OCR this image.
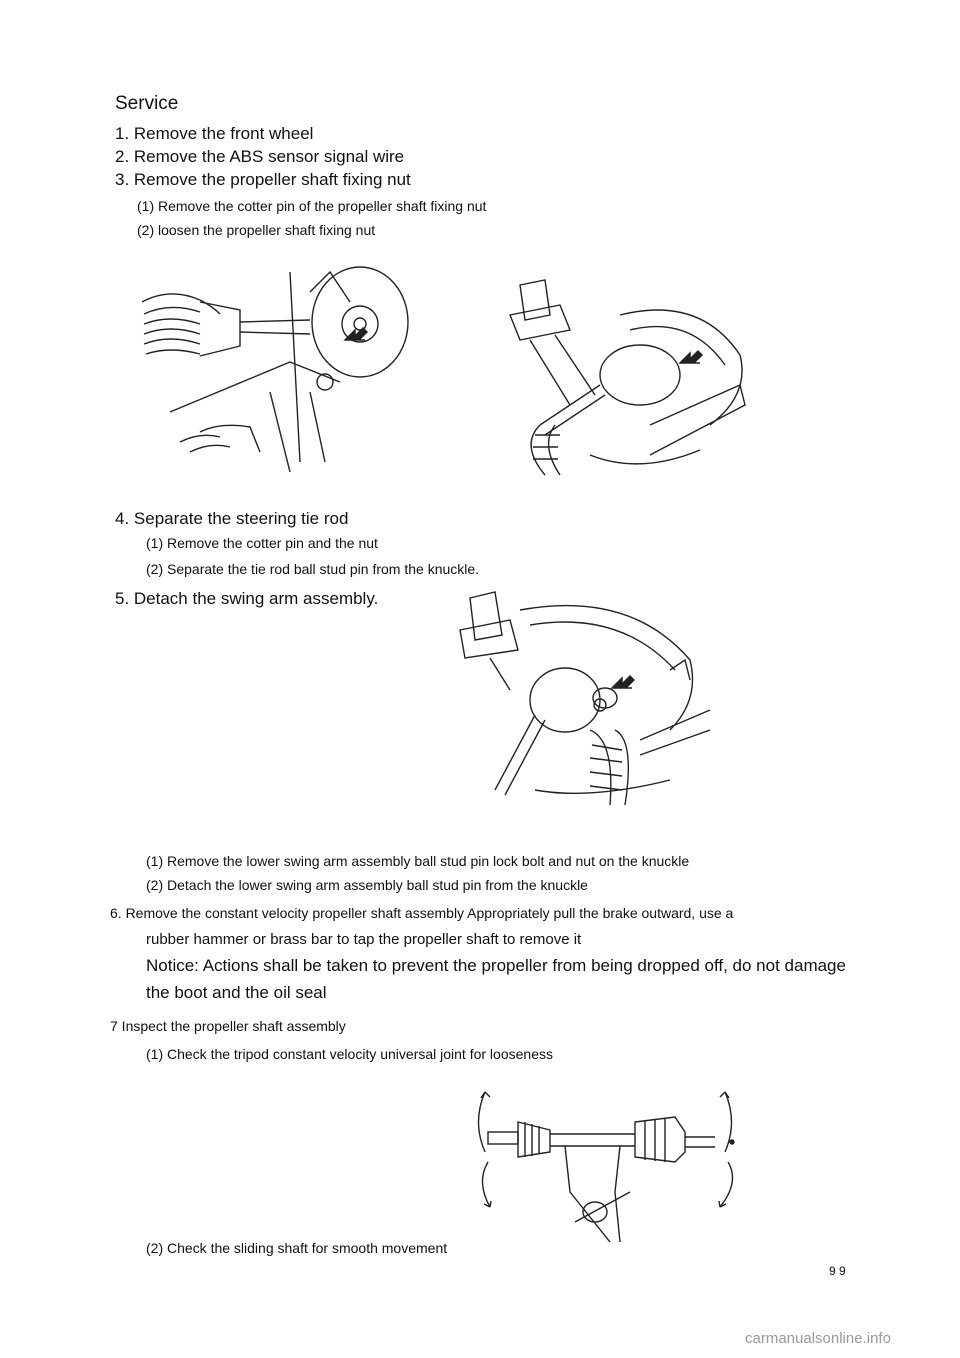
Service
1. Remove the front wheel
2. Remove the ABS sensor signal wire
3. Remove the propeller shaft fixing nut
(1) Remove the cotter pin of the propeller shaft fixing nut
(2) loosen the propeller shaft fixing nut
4. Separate the steering tie rod
(1) Remove the cotter pin and the nut
(2) Separate the tie rod ball stud pin from the knuckle.
5. Detach the swing arm assembly.
(1) Remove the lower swing arm assembly ball stud pin lock bolt and nut on the knuckle
(2) Detach the lower swing arm assembly ball stud pin from the knuckle
6. Remove the constant velocity propeller shaft assembly Appropriately pull the brake outward, use a
rubber hammer or brass bar to tap the propeller shaft to remove it
Notice: Actions shall be taken to prevent the propeller from being dropped off, do not damage
the boot and the oil seal
7 Inspect the propeller shaft assembly
(1) Check the tripod constant velocity universal joint for looseness
(2) Check the sliding shaft for smooth movement
9 9
carmanualsonline.info
